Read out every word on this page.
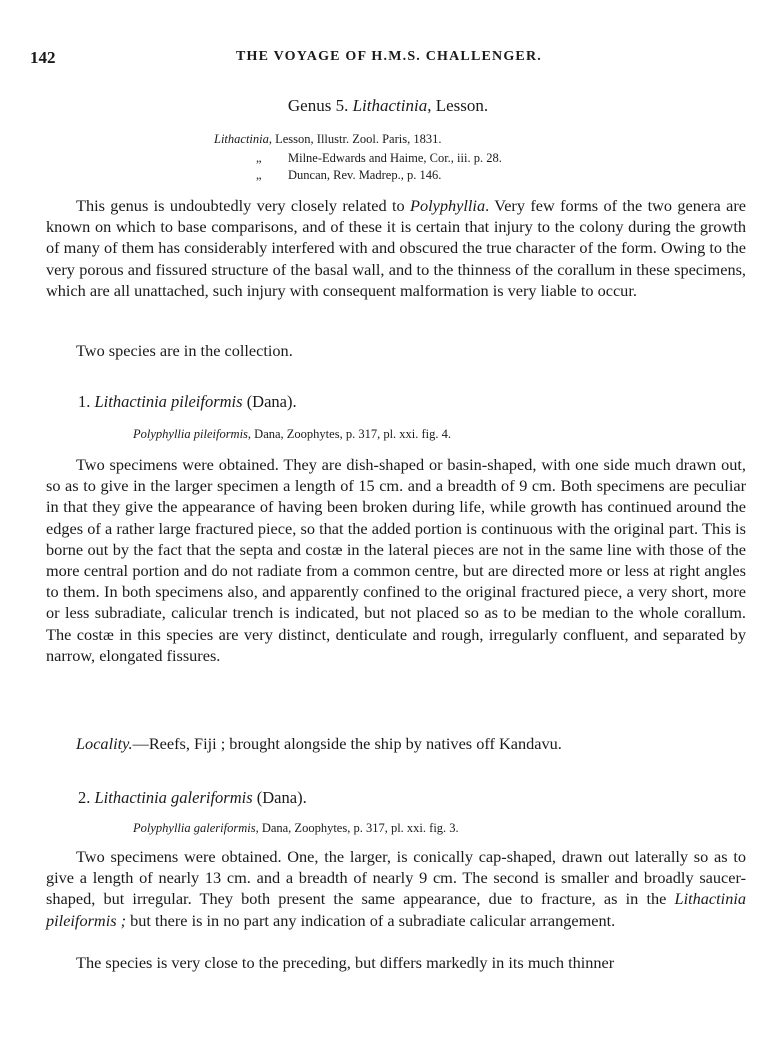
142	THE VOYAGE OF H.M.S. CHALLENGER.
Genus 5. Lithactinia, Lesson.
Lithactinia, Lesson, Illustr. Zool. Paris, 1831.
„ Milne-Edwards and Haime, Cor., iii. p. 28.
„ Duncan, Rev. Madrep., p. 146.

This genus is undoubtedly very closely related to Polyphyllia. Very few forms of the two genera are known on which to base comparisons, and of these it is certain that injury to the colony during the growth of many of them has considerably interfered with and obscured the true character of the form. Owing to the very porous and fissured structure of the basal wall, and to the thinness of the corallum in these specimens, which are all unattached, such injury with consequent malformation is very liable to occur.

Two species are in the collection.

1. Lithactinia pileiformis (Dana).
Polyphyllia pileiformis, Dana, Zoophytes, p. 317, pl. xxi. fig. 4.

Two specimens were obtained. They are dish-shaped or basin-shaped, with one side much drawn out, so as to give in the larger specimen a length of 15 cm. and a breadth of 9 cm. Both specimens are peculiar in that they give the appearance of having been broken during life, while growth has continued around the edges of a rather large fractured piece, so that the added portion is continuous with the original part. This is borne out by the fact that the septa and costæ in the lateral pieces are not in the same line with those of the more central portion and do not radiate from a common centre, but are directed more or less at right angles to them. In both specimens also, and apparently confined to the original fractured piece, a very short, more or less subradiate, calicular trench is indicated, but not placed so as to be median to the whole corallum. The costæ in this species are very distinct, denticulate and rough, irregularly confluent, and separated by narrow, elongated fissures.

Locality.—Reefs, Fiji ; brought alongside the ship by natives off Kandavu.

2. Lithactinia galeriformis (Dana).
Polyphyllia galeriformis, Dana, Zoophytes, p. 317, pl. xxi. fig. 3.

Two specimens were obtained. One, the larger, is conically cap-shaped, drawn out laterally so as to give a length of nearly 13 cm. and a breadth of nearly 9 cm. The second is smaller and broadly saucer-shaped, but irregular. They both present the same appearance, due to fracture, as in the Lithactinia pileiformis ; but there is in no part any indication of a subradiate calicular arrangement.

The species is very close to the preceding, but differs markedly in its much thinner
